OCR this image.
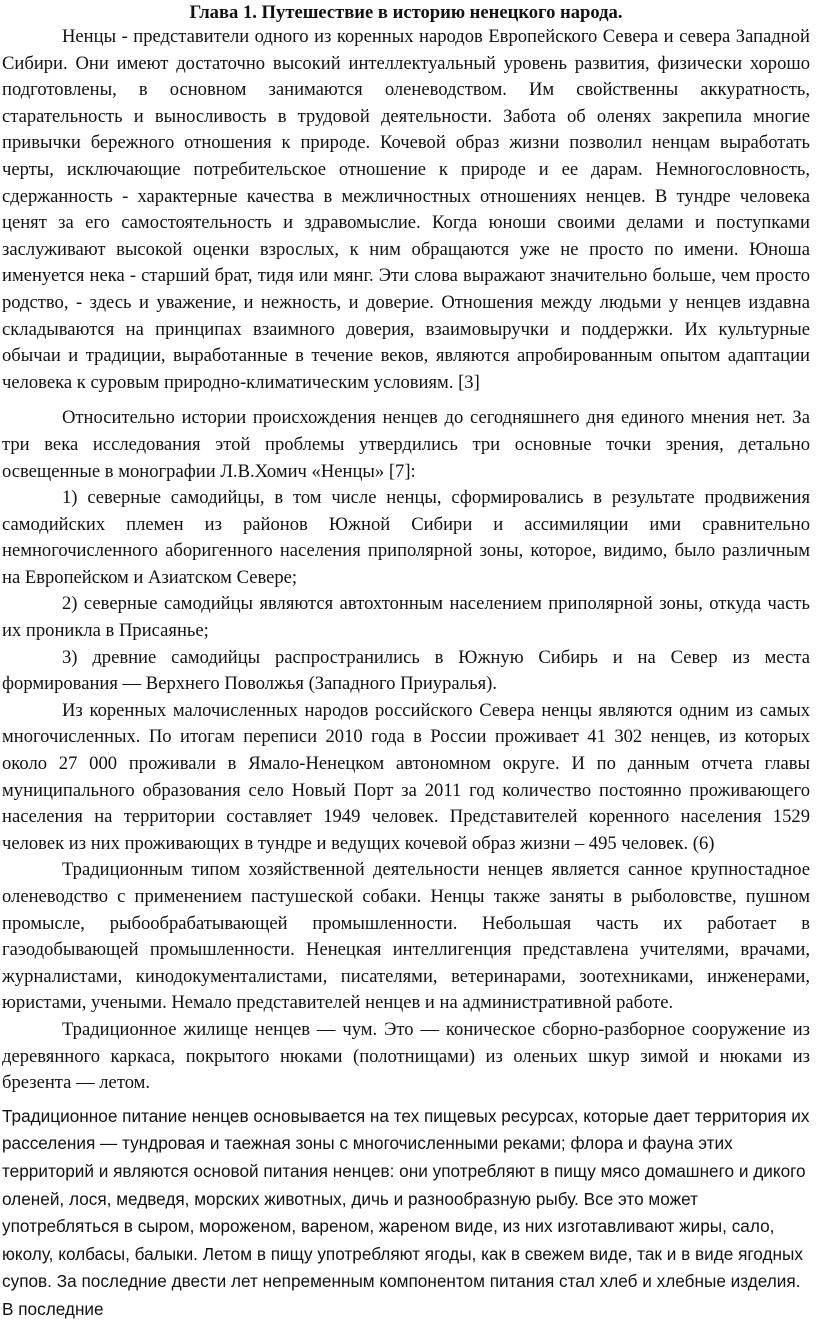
Глава 1. Путешествие в историю ненецкого народа.

Ненцы - представители одного из коренных народов Европейского Севера и севера Западной Сибири. Они имеют достаточно высокий интеллектуальный уровень развития, физически хорошо подготовлены, в основном занимаются оленеводством. Им свойственны аккуратность, старательность и выносливость в трудовой деятельности. Забота об оленях закрепила многие привычки бережного отношения к природе. Кочевой образ жизни позволил ненцам выработать черты, исключающие потребительское отношение к природе и ее дарам. Немногословность, сдержанность - характерные качества в межличностных отношениях ненцев. В тундре человека ценят за его самостоятельность и здравомыслие. Когда юноши своими делами и поступками заслуживают высокой оценки взрослых, к ним обращаются уже не просто по имени. Юноша именуется нека - старший брат, тидя или мянг. Эти слова выражают значительно больше, чем просто родство, - здесь и уважение, и нежность, и доверие. Отношения между людьми у ненцев издавна складываются на принципах взаимного доверия, взаимовыручки и поддержки. Их культурные обычаи и традиции, выработанные в течение веков, являются апробированным опытом адаптации человека к суровым природно-климатическим условиям. [3]

Относительно истории происхождения ненцев до сегодняшнего дня единого мнения нет. За три века исследования этой проблемы утвердились три основные точки зрения, детально освещенные в монографии Л.В.Хомич «Ненцы» [7]:

1) северные самодийцы, в том числе ненцы, сформировались в результате продвижения самодийских племен из районов Южной Сибири и ассимиляции ими сравнительно немногочисленного аборигенного населения приполярной зоны, которое, видимо, было различным на Европейском и Азиатском Севере;

2) северные самодийцы являются автохтонным населением приполярной зоны, откуда часть их проникла в Присаянье;

3) древние самодийцы распространились в Южную Сибирь и на Север из места формирования — Верхнего Поволжья (Западного Приуралья).

Из коренных малочисленных народов российского Севера ненцы являются одним из самых многочисленных. По итогам переписи 2010 года в России проживает 41 302 ненцев, из которых около 27 000 проживали в Ямало-Ненецком автономном округе. И по данным отчета главы муниципального образования село Новый Порт за 2011 год количество постоянно проживающего населения на территории составляет 1949 человек. Представителей коренного населения 1529 человек из них проживающих в тундре и ведущих кочевой образ жизни – 495 человек. (6)

Традиционным типом хозяйственной деятельности ненцев является санное крупностадное оленеводство с применением пастушеской собаки. Ненцы также заняты в рыболовстве, пушном промысле, рыбообрабатывающей промышленности. Небольшая часть их работает в гаэодобывающей промышленности. Ненецкая интеллигенция представлена учителями, врачами, журналистами, кинодокументалистами, писателями, ветеринарами, зоотехниками, инженерами, юристами, учеными. Немало представителей ненцев и на административной работе.

Традиционное жилище ненцев — чум. Это — коническое сборно-разборное сооружение из деревянного каркаса, покрытого нюками (полотнищами) из оленьих шкур зимой и нюками из брезента — летом.

Традиционное питание ненцев основывается на тех пищевых ресурсах, которые дает территория их расселения — тундровая и таежная зоны с многочисленными реками; флора и фауна этих территорий и являются основой питания ненцев: они употребляют в пищу мясо домашнего и дикого оленей, лося, медведя, морских животных, дичь и разнообразную рыбу. Все это может употребляться в сыром, мороженом, вареном, жареном виде, из них изготавливают жиры, сало, юколу, колбасы, балыки. Летом в пищу употребляют ягоды, как в свежем виде, так и в виде ягодных супов. За последние двести лет непременным компонентом питания стал хлеб и хлебные изделия. В последние
